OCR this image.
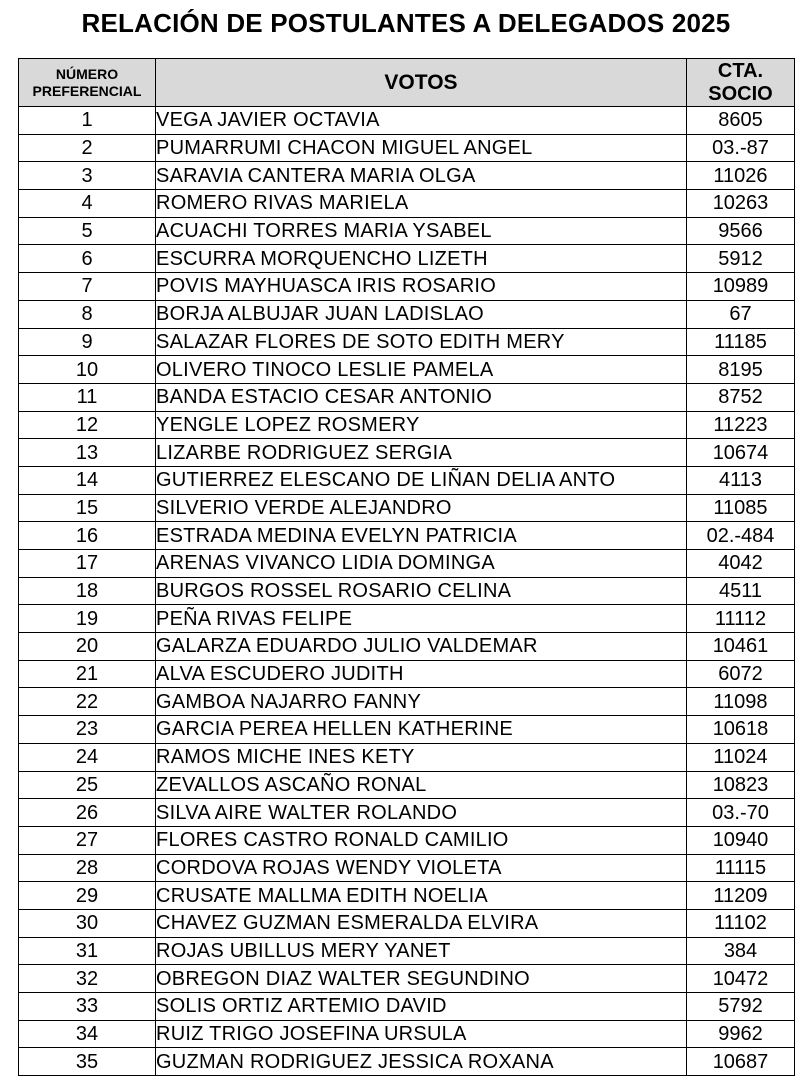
RELACIÓN DE POSTULANTES A DELEGADOS 2025
NÚMERO
PREFERENCIAL	VOTOS	CTA.
SOCIO

1	VEGA JAVIER OCTAVIA	8605
2	PUMARRUMI CHACON MIGUEL ANGEL	03.-87
3	SARAVIA CANTERA MARIA OLGA	11026
4	ROMERO RIVAS MARIELA	10263
5	ACUACHI TORRES MARIA YSABEL	9566
6	ESCURRA MORQUENCHO LIZETH	5912
7	POVIS MAYHUASCA IRIS ROSARIO	10989
8	BORJA ALBUJAR JUAN LADISLAO	67
9	SALAZAR FLORES DE SOTO EDITH MERY	11185
10	OLIVERO TINOCO LESLIE PAMELA	8195
11	BANDA ESTACIO CESAR ANTONIO	8752
12	YENGLE LOPEZ ROSMERY	11223
13	LIZARBE RODRIGUEZ SERGIA	10674
14	GUTIERREZ ELESCANO DE LIÑAN DELIA ANTO	4113
15	SILVERIO VERDE ALEJANDRO	11085
16	ESTRADA MEDINA EVELYN PATRICIA	02.-484
17	ARENAS VIVANCO LIDIA DOMINGA	4042
18	BURGOS ROSSEL ROSARIO CELINA	4511
19	PEÑA RIVAS FELIPE	11112
20	GALARZA EDUARDO JULIO VALDEMAR	10461
21	ALVA ESCUDERO JUDITH	6072
22	GAMBOA NAJARRO FANNY	11098
23	GARCIA PEREA HELLEN KATHERINE	10618
24	RAMOS MICHE INES KETY	11024
25	ZEVALLOS ASCAÑO RONAL	10823
26	SILVA AIRE WALTER ROLANDO	03.-70
27	FLORES CASTRO RONALD CAMILIO	10940
28	CORDOVA ROJAS WENDY VIOLETA	11115
29	CRUSATE MALLMA EDITH NOELIA	11209
30	CHAVEZ GUZMAN ESMERALDA ELVIRA	11102
31	ROJAS UBILLUS MERY YANET	384
32	OBREGON DIAZ WALTER SEGUNDINO	10472
33	SOLIS ORTIZ ARTEMIO DAVID	5792
34	RUIZ TRIGO JOSEFINA URSULA	9962
35	GUZMAN RODRIGUEZ JESSICA ROXANA	10687
